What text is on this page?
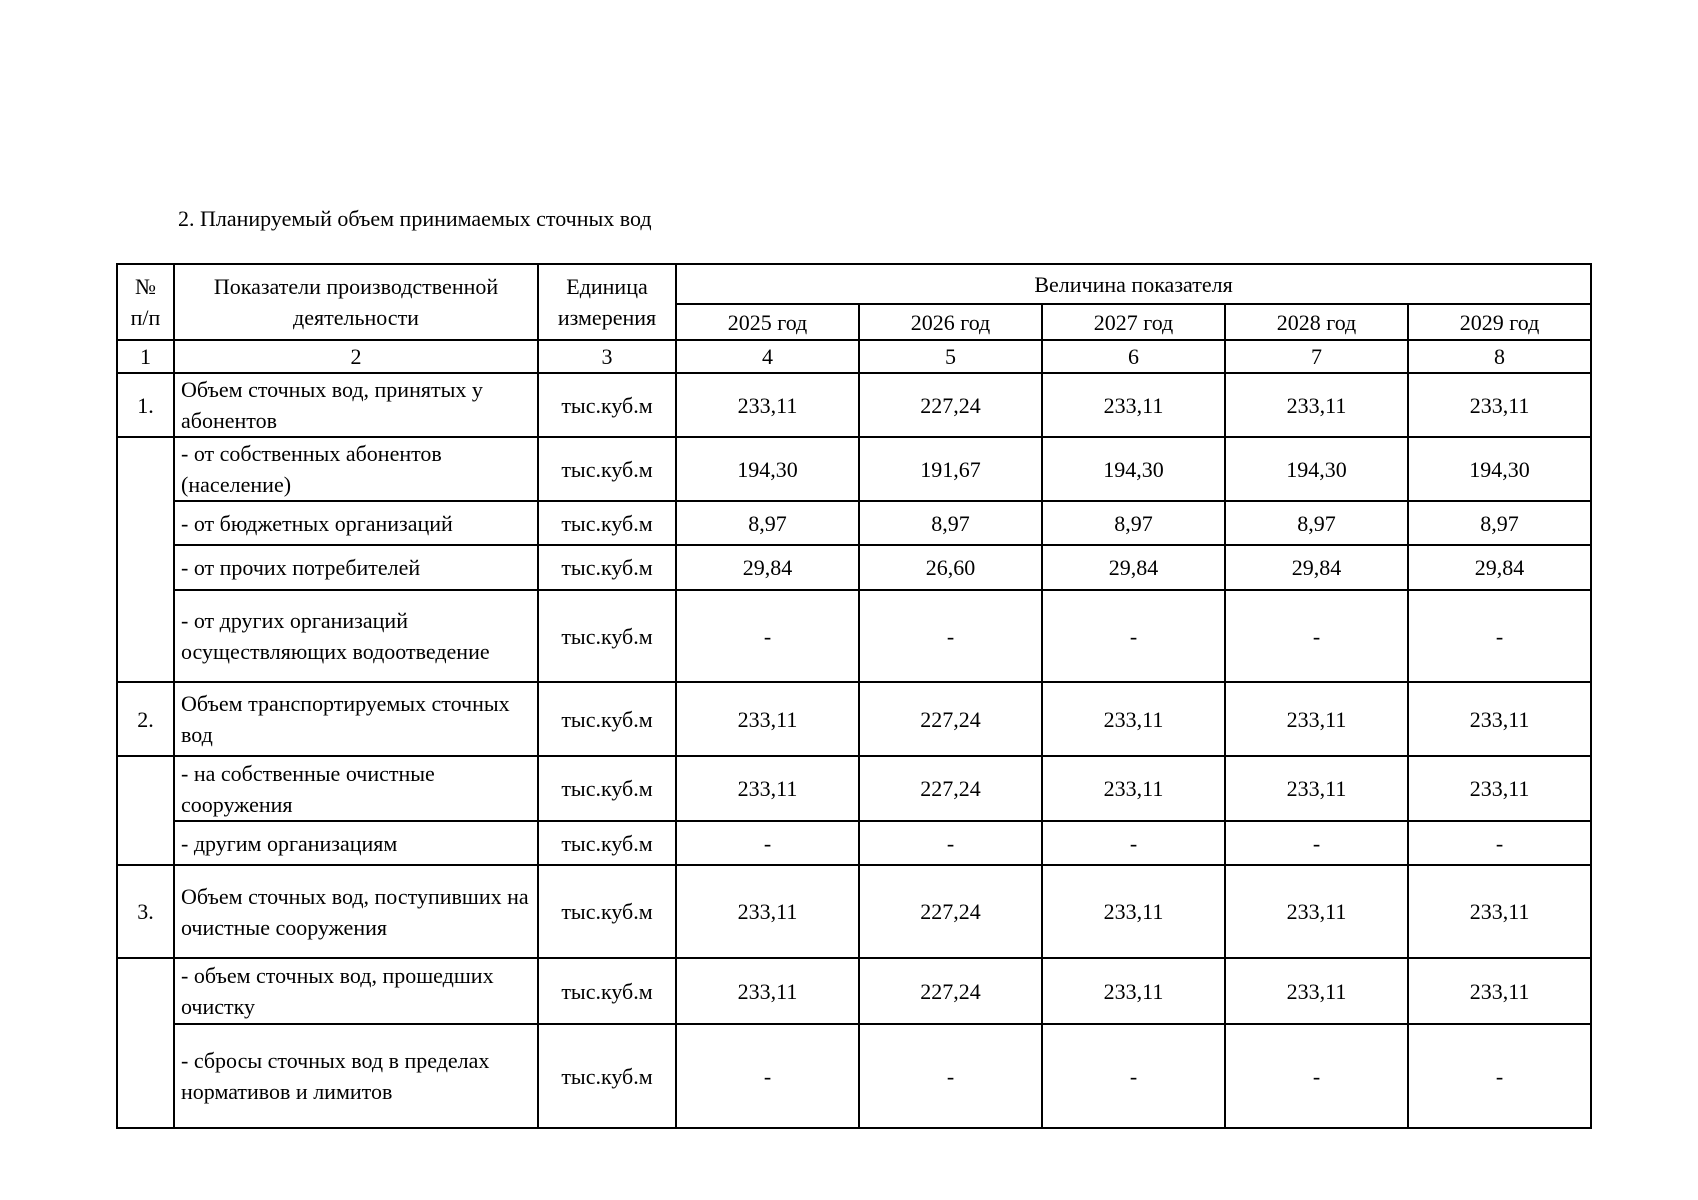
2. Планируемый объем принимаемых сточных вод
№ п/п	Показатели производственной деятельности	Единица измерения	Величина показателя				
			2025 год	2026 год	2027 год	2028 год	2029 год
1	2	3	4	5	6	7	8
1.	Объем сточных вод, принятых у абонентов	тыс.куб.м	233,11	227,24	233,11	233,11	233,11
	- от собственных абонентов (население)	тыс.куб.м	194,30	191,67	194,30	194,30	194,30
	- от бюджетных организаций	тыс.куб.м	8,97	8,97	8,97	8,97	8,97
	- от прочих потребителей	тыс.куб.м	29,84	26,60	29,84	29,84	29,84
	- от других организаций осуществляющих водоотведение	тыс.куб.м	-	-	-	-	-
2.	Объем транспортируемых сточных вод	тыс.куб.м	233,11	227,24	233,11	233,11	233,11
	- на собственные очистные сооружения	тыс.куб.м	233,11	227,24	233,11	233,11	233,11
	- другим организациям	тыс.куб.м	-	-	-	-	-
3.	Объем сточных вод, поступивших на очистные сооружения	тыс.куб.м	233,11	227,24	233,11	233,11	233,11
	- объем сточных вод, прошедших очистку	тыс.куб.м	233,11	227,24	233,11	233,11	233,11
	- сбросы сточных вод в пределах нормативов и лимитов	тыс.куб.м	-	-	-	-	-
